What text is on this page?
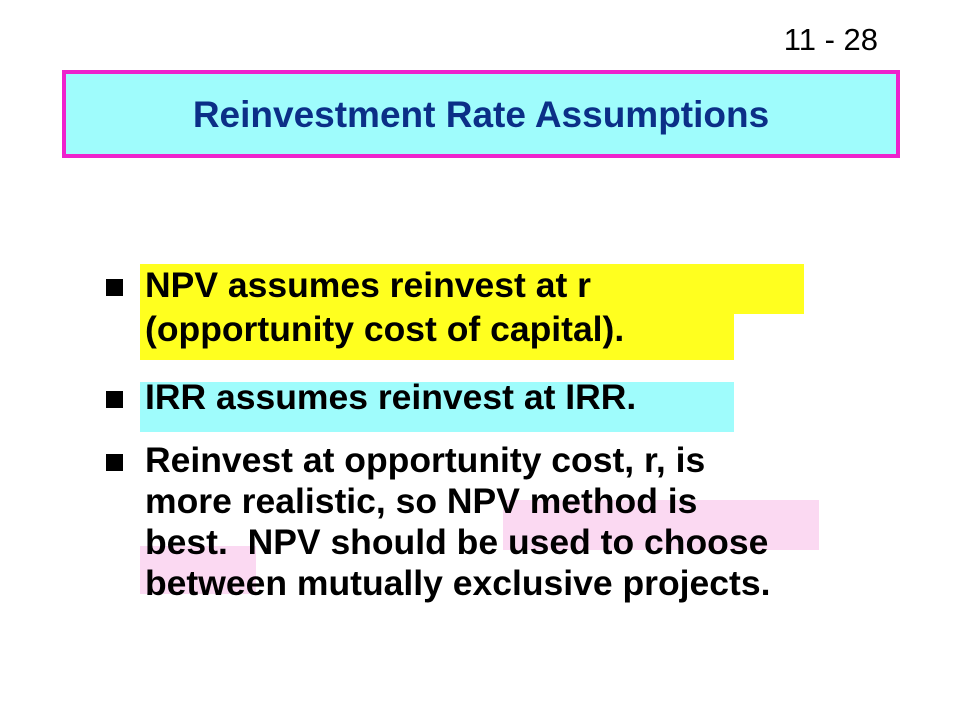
11 - 28
Reinvestment Rate Assumptions
NPV assumes reinvest at r
(opportunity cost of capital).
IRR assumes reinvest at IRR.
Reinvest at opportunity cost, r, is
more realistic, so NPV method is
best.  NPV should be used to choose
between mutually exclusive projects.
